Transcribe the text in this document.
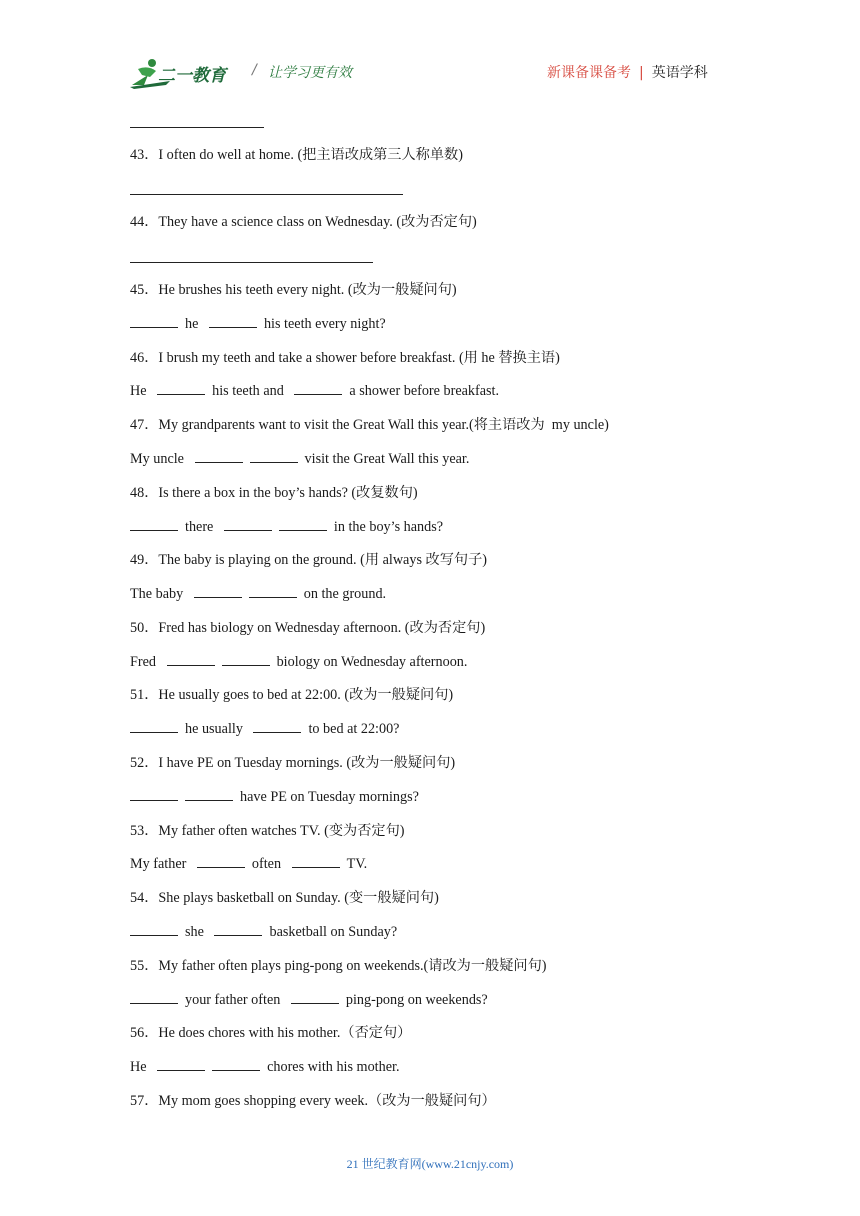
二一教育 / 让学习更有效	新课备课备考 | 英语学科
43．I often do well at home. (把主语改成第三人称单数)
44．They have a science class on Wednesday. (改为否定句)
45．He brushes his teeth every night. (改为一般疑问句)
he	his teeth every night?
46．I brush my teeth and take a shower before breakfast. (用 he 替换主语)
He	his teeth and	a shower before breakfast.
47．My grandparents want to visit the Great Wall this year.(将主语改为  my uncle)
My uncle	visit the Great Wall this year.
48．Is there a box in the boy’s hands? (改复数句)
there	in the boy’s hands?
49．The baby is playing on the ground. (用 always 改写句子)
The baby	on the ground.
50．Fred has biology on Wednesday afternoon. (改为否定句)
Fred	biology on Wednesday afternoon.
51．He usually goes to bed at 22:00. (改为一般疑问句)
he usually	to bed at 22:00?
52．I have PE on Tuesday mornings. (改为一般疑问句)
have PE on Tuesday mornings?
53．My father often watches TV. (变为否定句)
My father	often	TV.
54．She plays basketball on Sunday. (变一般疑问句)
she	basketball on Sunday?
55．My father often plays ping-pong on weekends.(请改为一般疑问句)
your father often	ping-pong on weekends?
56．He does chores with his mother.（否定句）
He	chores with his mother.
57．My mom goes shopping every week.（改为一般疑问句）
21 世纪教育网(www.21cnjy.com)
